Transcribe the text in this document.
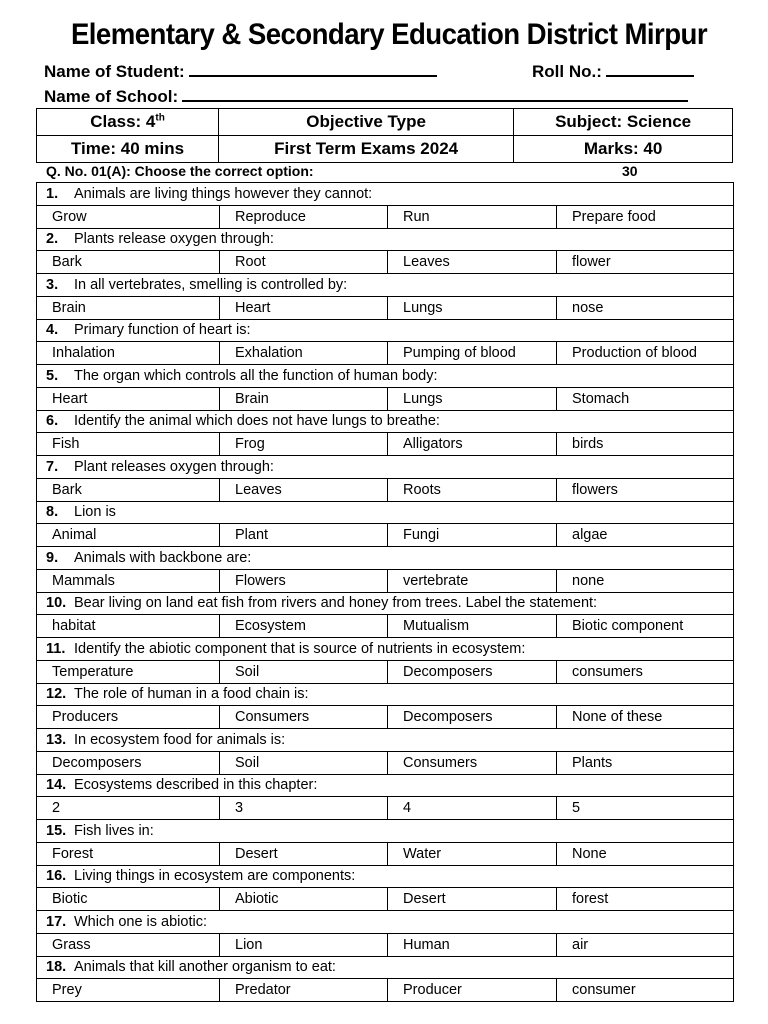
Elementary & Secondary Education District Mirpur
Name of Student:	Roll No.:
Name of School:
Class: 4th	Objective Type	Subject: Science
Time: 40 mins	First Term Exams 2024	Marks: 40
Q. No. 01(A): Choose the correct option:	30
1. Animals are living things however they cannot:			
Grow	Reproduce	Run	Prepare food
2. Plants release oxygen through:			
Bark	Root	Leaves	flower
3. In all vertebrates, smelling is controlled by:			
Brain	Heart	Lungs	nose
4. Primary function of heart is:			
Inhalation	Exhalation	Pumping of blood	Production of blood
5. The organ which controls all the function of human body:			
Heart	Brain	Lungs	Stomach
6. Identify the animal which does not have lungs to breathe:			
Fish	Frog	Alligators	birds
7. Plant releases oxygen through:			
Bark	Leaves	Roots	flowers
8. Lion is			
Animal	Plant	Fungi	algae
9. Animals with backbone are:			
Mammals	Flowers	vertebrate	none
10. Bear living on land eat fish from rivers and honey from trees. Label the statement:			
habitat	Ecosystem	Mutualism	Biotic component
11. Identify the abiotic component that is source of nutrients in ecosystem:			
Temperature	Soil	Decomposers	consumers
12. The role of human in a food chain is:			
Producers	Consumers	Decomposers	None of these
13. In ecosystem food for animals is:			
Decomposers	Soil	Consumers	Plants
14. Ecosystems described in this chapter:			
2	3	4	5
15. Fish lives in:			
Forest	Desert	Water	None
16. Living things in ecosystem are components:			
Biotic	Abiotic	Desert	forest
17. Which one is abiotic:			
Grass	Lion	Human	air
18. Animals that kill another organism to eat:			
Prey	Predator	Producer	consumer
